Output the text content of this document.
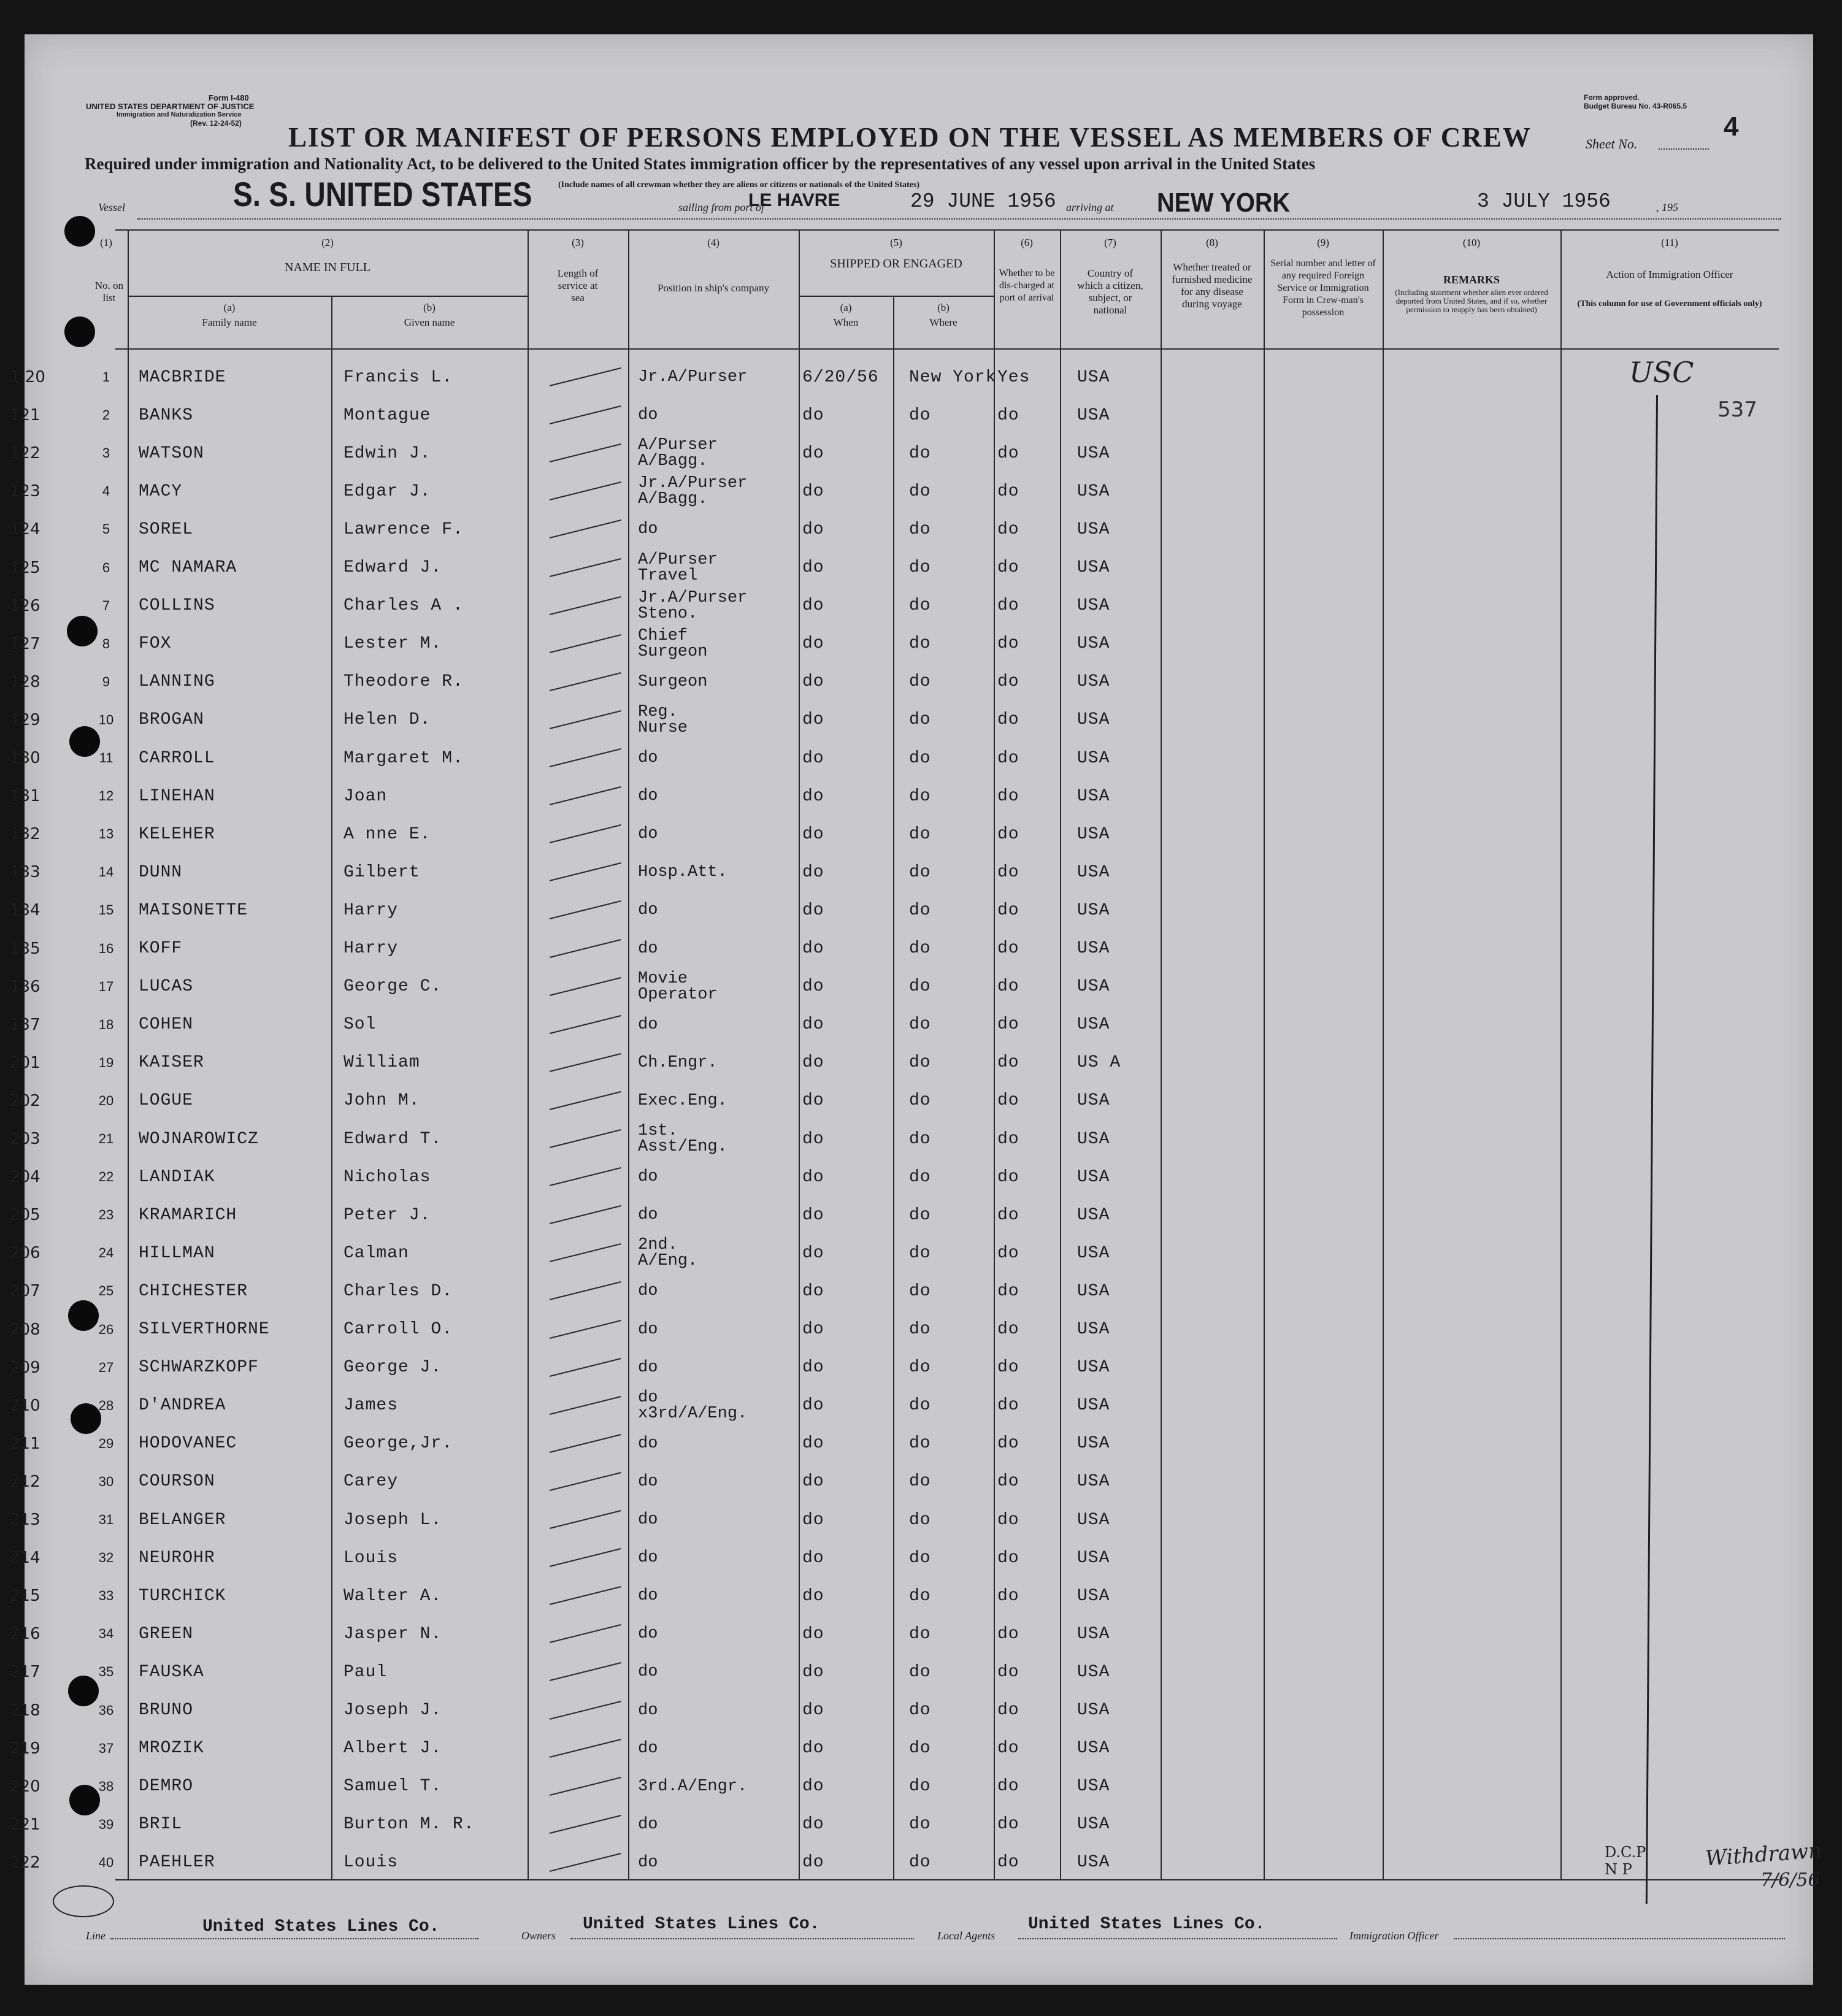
Form I-480
UNITED STATES DEPARTMENT OF JUSTICE
Immigration and Naturalization Service
(Rev. 12-24-52)
Form approved.
Budget Bureau No. 43-R065.5
LIST OR MANIFEST OF PERSONS EMPLOYED ON THE VESSEL AS MEMBERS OF CREW	Sheet No.
4
Required under immigration and Nationality Act, to be delivered to the United States immigration officer by the representatives of any vessel upon arrival in the United States
(Include names of all crewman whether they are aliens or citizens or nationals of the United States)
Vessel	S. S. UNITED STATES	sailing from port of
LE HAVRE	29 JUNE 1956 arriving at NEW YORK	3 JULY 1956	, 195
(1)
No. on list
(2)
NAME IN FULL
(a)
Family name
(b)
Given name
(3)
Length of service at sea
(4)
Position in ship's company
(5)
SHIPPED OR ENGAGED
(a)
When
(b)
Where
(6)
Whether to be dis-charged at port of arrival
(7)
Country of which a citizen, subject, or national
(8)
Whether treated or furnished medicine for any disease during voyage
(9)
Serial number and letter of any required Foreign Service or Immigration Form in Crew-man's possession
(10)
REMARKS
(Including statement whether alien ever ordered deported from United States, and if so, whether permission to reapply has been obtained)
(11)
Action of Immigration Officer
(This column for use of Government officials only)
1 20	1	MACBRIDE	Francis L.	Jr.A/Purser	6/20/56	New York Yes	USA
121	2	BANKS	Montague	do	do	do	do	USA
122	3	WATSON	Edwin J.	A/Purser
A/Bagg.	do	do	do	USA
123	4	MACY	Edgar J.	Jr.A/Purser
A/Bagg.	do	do	do	USA
124	5	SOREL	Lawrence F.	do	do	do	do	USA
125	6	MC NAMARA	Edward J.	A/Purser
Travel	do	do	do	USA
126	7	COLLINS	Charles A .	Jr.A/Purser
Steno.	do	do	do	USA
127	8	FOX	Lester M.	Chief
Surgeon	do	do	do	USA
128	9	LANNING	Theodore R.	Surgeon	do	do	do	USA
129	10	BROGAN	Helen D.	Reg.
Nurse	do	do	do	USA
130	11	CARROLL	Margaret M.	do	do	do	do	USA
131	12	LINEHAN	Joan	do	do	do	do	USA
132	13	KELEHER	A nne E.	do	do	do	do	USA
133	14	DUNN	Gilbert	Hosp.Att.	do	do	do	USA
134	15	MAISONETTE	Harry	do	do	do	do	USA
135	16	KOFF	Harry	do	do	do	do	USA
136	17	LUCAS	George C.	Movie
Operator	do	do	do	USA
137	18	COHEN	Sol	do	do	do	do	USA
201	19	KAISER	William	Ch.Engr.	do	do	do	US A
202	20	LOGUE	John M.	Exec.Eng.	do	do	do	USA
203	21	WOJNAROWICZ	Edward T.	1st.
Asst/Eng.	do	do	do	USA
204	22	LANDIAK	Nicholas	do	do	do	do	USA
205	23	KRAMARICH	Peter J.	do	do	do	do	USA
206	24	HILLMAN	Calman	2nd.
A/Eng.	do	do	do	USA
207	25	CHICHESTER	Charles D.	do	do	do	do	USA
208	26	SILVERTHORNE	Carroll O.	do	do	do	do	USA
209	27	SCHWARZKOPF	George J.	do	do	do	do	USA
210	28	D'ANDREA	James	do
x3rd/A/Eng.	do	do	do	USA
211	29	HODOVANEC	George,Jr.	do	do	do	do	USA
212	30	COURSON	Carey	do	do	do	do	USA
213	31	BELANGER	Joseph L.	do	do	do	do	USA
214	32	NEUROHR	Louis	do	do	do	do	USA
215	33	TURCHICK	Walter A.	do	do	do	do	USA
216	34	GREEN	Jasper N.	do	do	do	do	USA
217	35	FAUSKA	Paul	do	do	do	do	USA
218	36	BRUNO	Joseph J.	do	do	do	do	USA
219	37	MROZIK	Albert J.	do	do	do	do	USA
220	38	DEMRO	Samuel T.	3rd.A/Engr.	do	do	do	USA
221	39	BRIL	Burton M. R.	do	do	do	do	USA
222	40	PAEHLER	Louis	do	do	do	do	USA
USC
537
D.C.P
N P	Withdrawn
7/6/56
Line	United States Lines Co.	Owners
United States Lines Co.
Local Agents
United States Lines Co.
Immigration Officer
